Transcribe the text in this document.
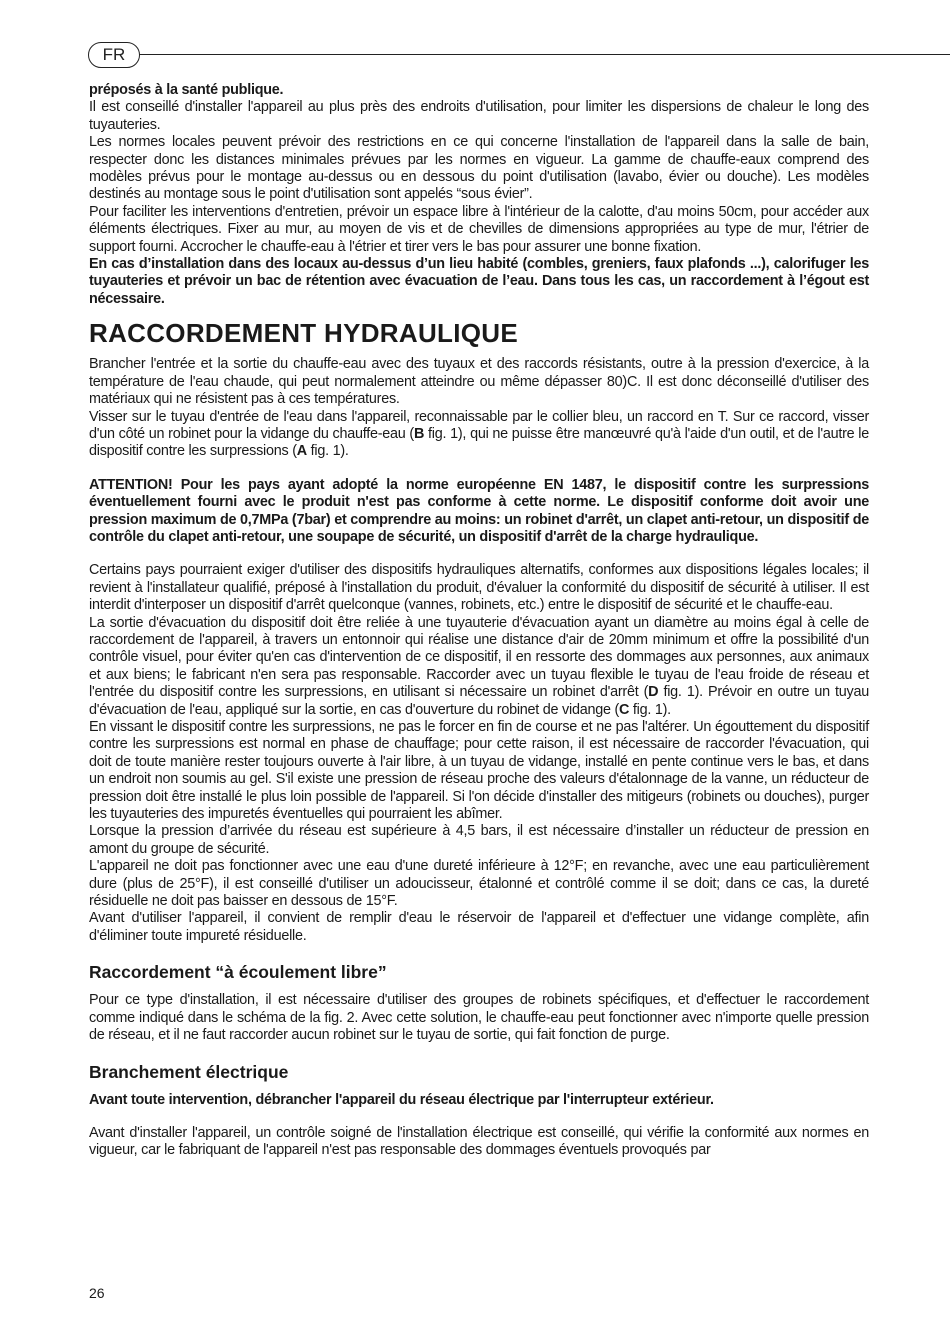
FR

préposés à la santé publique.

Il est conseillé d'installer l'appareil au plus près des endroits d'utilisation, pour limiter les dispersions de chaleur le long des tuyauteries.

Les normes locales peuvent prévoir des restrictions en ce qui concerne l'installation de l'appareil dans la salle de bain, respecter donc les distances minimales prévues par les normes en vigueur. La gamme de chauffe-eaux comprend des modèles prévus pour le montage au-dessus ou en dessous du point d'utilisation (lavabo, évier ou douche). Les modèles destinés au montage sous le point d'utilisation sont appelés “sous évier”.

Pour faciliter les interventions d'entretien, prévoir un espace libre à l'intérieur de la calotte, d'au moins 50cm, pour accéder aux éléments électriques. Fixer au mur, au moyen de vis et de chevilles de dimensions appropriées au type de mur, l'étrier de support fourni. Accrocher le chauffe-eau à l'étrier et tirer vers le bas pour assurer une bonne fixation.

En cas d’installation dans des locaux au-dessus d’un lieu habité (combles, greniers, faux plafonds ...), calorifuger les tuyauteries et prévoir un bac de rétention avec évacuation de l’eau. Dans tous les cas, un raccordement à l’égout est nécessaire.

RACCORDEMENT HYDRAULIQUE

Brancher l'entrée et la sortie du chauffe-eau avec des tuyaux et des raccords résistants, outre à la pression d'exercice, à la température de l'eau chaude, qui peut normalement atteindre ou même dépasser 80)C. Il est donc déconseillé d'utiliser des matériaux qui ne résistent pas à ces températures.

Visser sur le tuyau d'entrée de l'eau dans l'appareil, reconnaissable par le collier bleu, un raccord en T. Sur ce raccord, visser d'un côté un robinet pour la vidange du chauffe-eau (B fig. 1), qui ne puisse être manœuvré qu'à l'aide d'un outil, et de l'autre le dispositif contre les surpressions (A fig. 1).

ATTENTION! Pour les pays ayant adopté la norme européenne EN 1487, le dispositif contre les surpressions éventuellement fourni avec le produit n'est pas conforme à cette norme. Le dispositif conforme doit avoir une pression maximum de 0,7MPa (7bar) et comprendre au moins: un robinet d'arrêt, un clapet anti-retour, un dispositif de contrôle du clapet anti-retour, une soupape de sécurité, un dispositif d'arrêt de la charge hydraulique.

Certains pays pourraient exiger d'utiliser des dispositifs hydrauliques alternatifs, conformes aux dispositions légales locales; il revient à l'installateur qualifié, préposé à l'installation du produit, d'évaluer la conformité du dispositif de sécurité à utiliser. Il est interdit d'interposer un dispositif d'arrêt quelconque (vannes, robinets, etc.) entre le dispositif de sécurité et le chauffe-eau.

La sortie d'évacuation du dispositif doit être reliée à une tuyauterie d'évacuation ayant un diamètre au moins égal à celle de raccordement de l'appareil, à travers un entonnoir qui réalise une distance d'air de 20mm minimum et offre la possibilité d'un contrôle visuel, pour éviter qu'en cas d'intervention de ce dispositif, il en ressorte des dommages aux personnes, aux animaux et aux biens; le fabricant n'en sera pas responsable. Raccorder avec un tuyau flexible le tuyau de l'eau froide de réseau et l'entrée du dispositif contre les surpressions, en utilisant si nécessaire un robinet d'arrêt (D fig. 1). Prévoir en outre un tuyau d'évacuation de l'eau, appliqué sur la sortie, en cas d'ouverture du robinet de vidange (C fig. 1).

En vissant le dispositif contre les surpressions, ne pas le forcer en fin de course et ne pas l'altérer. Un égouttement du dispositif contre les surpressions est normal en phase de chauffage; pour cette raison, il est nécessaire de raccorder l'évacuation, qui doit de toute manière rester toujours ouverte à l'air libre, à un tuyau de vidange, installé en pente continue vers le bas, et dans un endroit non soumis au gel. S'il existe une pression de réseau proche des valeurs d'étalonnage de la vanne, un réducteur de pression doit être installé le plus loin possible de l'appareil. Si l'on décide d'installer des mitigeurs (robinets ou douches), purger les tuyauteries des impuretés éventuelles qui pourraient les abîmer.

Lorsque la pression d’arrivée du réseau est supérieure à 4,5 bars, il est nécessaire d’installer un réducteur de pression en amont du groupe de sécurité.

L'appareil ne doit pas fonctionner avec une eau d'une dureté inférieure à 12°F; en revanche, avec une eau particulièrement dure (plus de 25°F), il est conseillé d'utiliser un adoucisseur, étalonné et contrôlé comme il se doit; dans ce cas, la dureté résiduelle ne doit pas baisser en dessous de 15°F.

Avant d'utiliser l'appareil, il convient de remplir d'eau le réservoir de l'appareil et d'effectuer une vidange complète, afin d'éliminer toute impureté résiduelle.

Raccordement “à écoulement libre”

Pour ce type d'installation, il est nécessaire d'utiliser des groupes de robinets spécifiques, et d'effectuer le raccordement comme indiqué dans le schéma de la fig. 2. Avec cette solution, le chauffe-eau peut fonctionner avec n'importe quelle pression de réseau, et il ne faut raccorder aucun robinet sur le tuyau de sortie, qui fait fonction de purge.

Branchement électrique

Avant toute intervention, débrancher l'appareil du réseau électrique par l'interrupteur extérieur.

Avant d'installer l'appareil, un contrôle soigné de l'installation électrique est conseillé, qui vérifie la conformité aux normes en vigueur, car le fabriquant de l'appareil n'est pas responsable des dommages éventuels provoqués par

26
